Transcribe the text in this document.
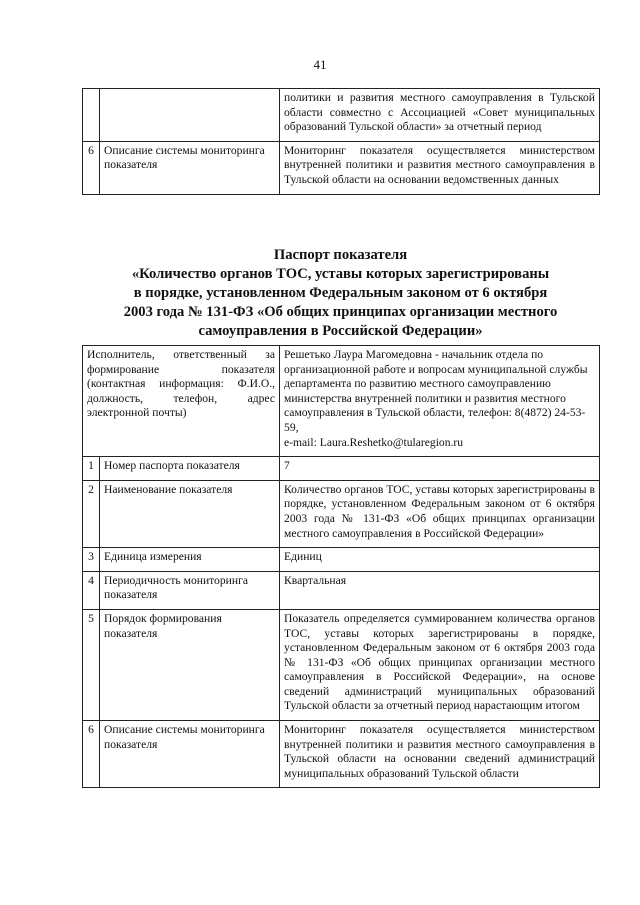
41
		политики и развития местного самоуправления в Тульской области совместно с Ассоциацией «Совет муниципальных образований Тульской области» за отчетный период
6	Описание системы мониторинга показателя	Мониторинг показателя осуществляется министерством внутренней политики и развития местного самоуправления в Тульской области на основании ведомственных данных
Паспорт показателя
«Количество органов ТОС, уставы которых зарегистрированы
в порядке, установленном Федеральным законом от 6 октября
2003 года № 131-ФЗ «Об общих принципах организации местного
самоуправления в Российской Федерации»
Исполнитель, ответственный за формирование показателя (контактная информация: Ф.И.О., должность, телефон, адрес электронной почты)		Решетько Лаура Магомедовна - начальник отдела по организационной работе и вопросам муниципальной службы департамента по развитию местного самоуправлению министерства внутренней политики и развития местного самоуправления в Тульской области, телефон: 8(4872) 24-53-59,
e-mail: Laura.Reshetko@tularegion.ru

1	Номер паспорта показателя	7
2	Наименование показателя	Количество органов ТОС, уставы которых зарегистрированы в порядке, установленном Федеральным законом от 6 октября 2003 года № 131-ФЗ «Об общих принципах организации местного самоуправления в Российской Федерации»
3	Единица измерения	Единиц
4	Периодичность мониторинга показателя	Квартальная
5	Порядок формирования показателя	Показатель определяется суммированием количества органов ТОС, уставы которых зарегистрированы в порядке, установленном Федеральным законом от 6 октября 2003 года № 131-ФЗ «Об общих принципах организации местного самоуправления в Российской Федерации», на основе сведений администраций муниципальных образований Тульской области за отчетный период нарастающим итогом
6	Описание системы мониторинга показателя	Мониторинг показателя осуществляется министерством внутренней политики и развития местного самоуправления в Тульской области на основании сведений администраций муниципальных образований Тульской области
